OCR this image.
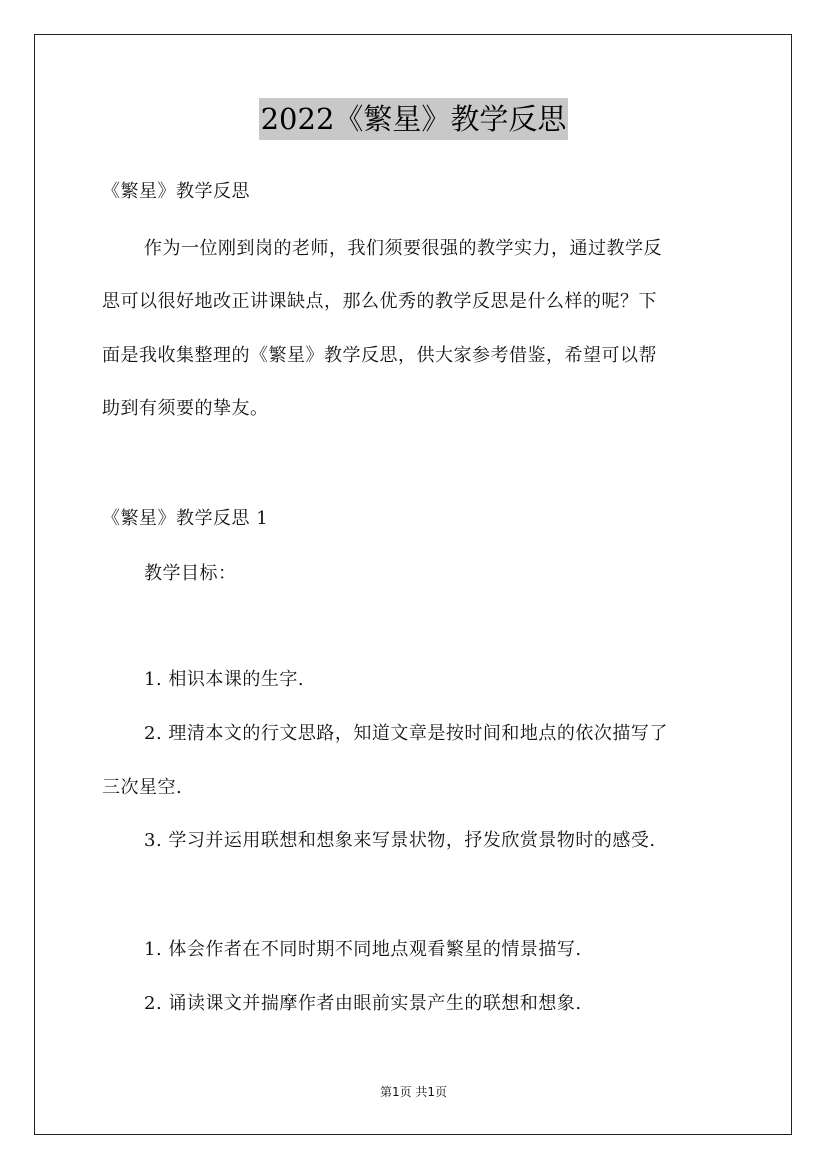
2022《繁星》教学反思
《繁星》教学反思
作为一位刚到岗的老师，我们须要很强的教学实力，通过教学反
思可以很好地改正讲课缺点，那么优秀的教学反思是什么样的呢？下
面是我收集整理的《繁星》教学反思，供大家参考借鉴，希望可以帮
助到有须要的挚友。
《繁星》教学反思 1
教学目标：
1. 相识本课的生字.
2. 理清本文的行文思路，知道文章是按时间和地点的依次描写了
三次星空.
3. 学习并运用联想和想象来写景状物，抒发欣赏景物时的感受.
1. 体会作者在不同时期不同地点观看繁星的情景描写.
2. 诵读课文并揣摩作者由眼前实景产生的联想和想象.
第1页 共1页
